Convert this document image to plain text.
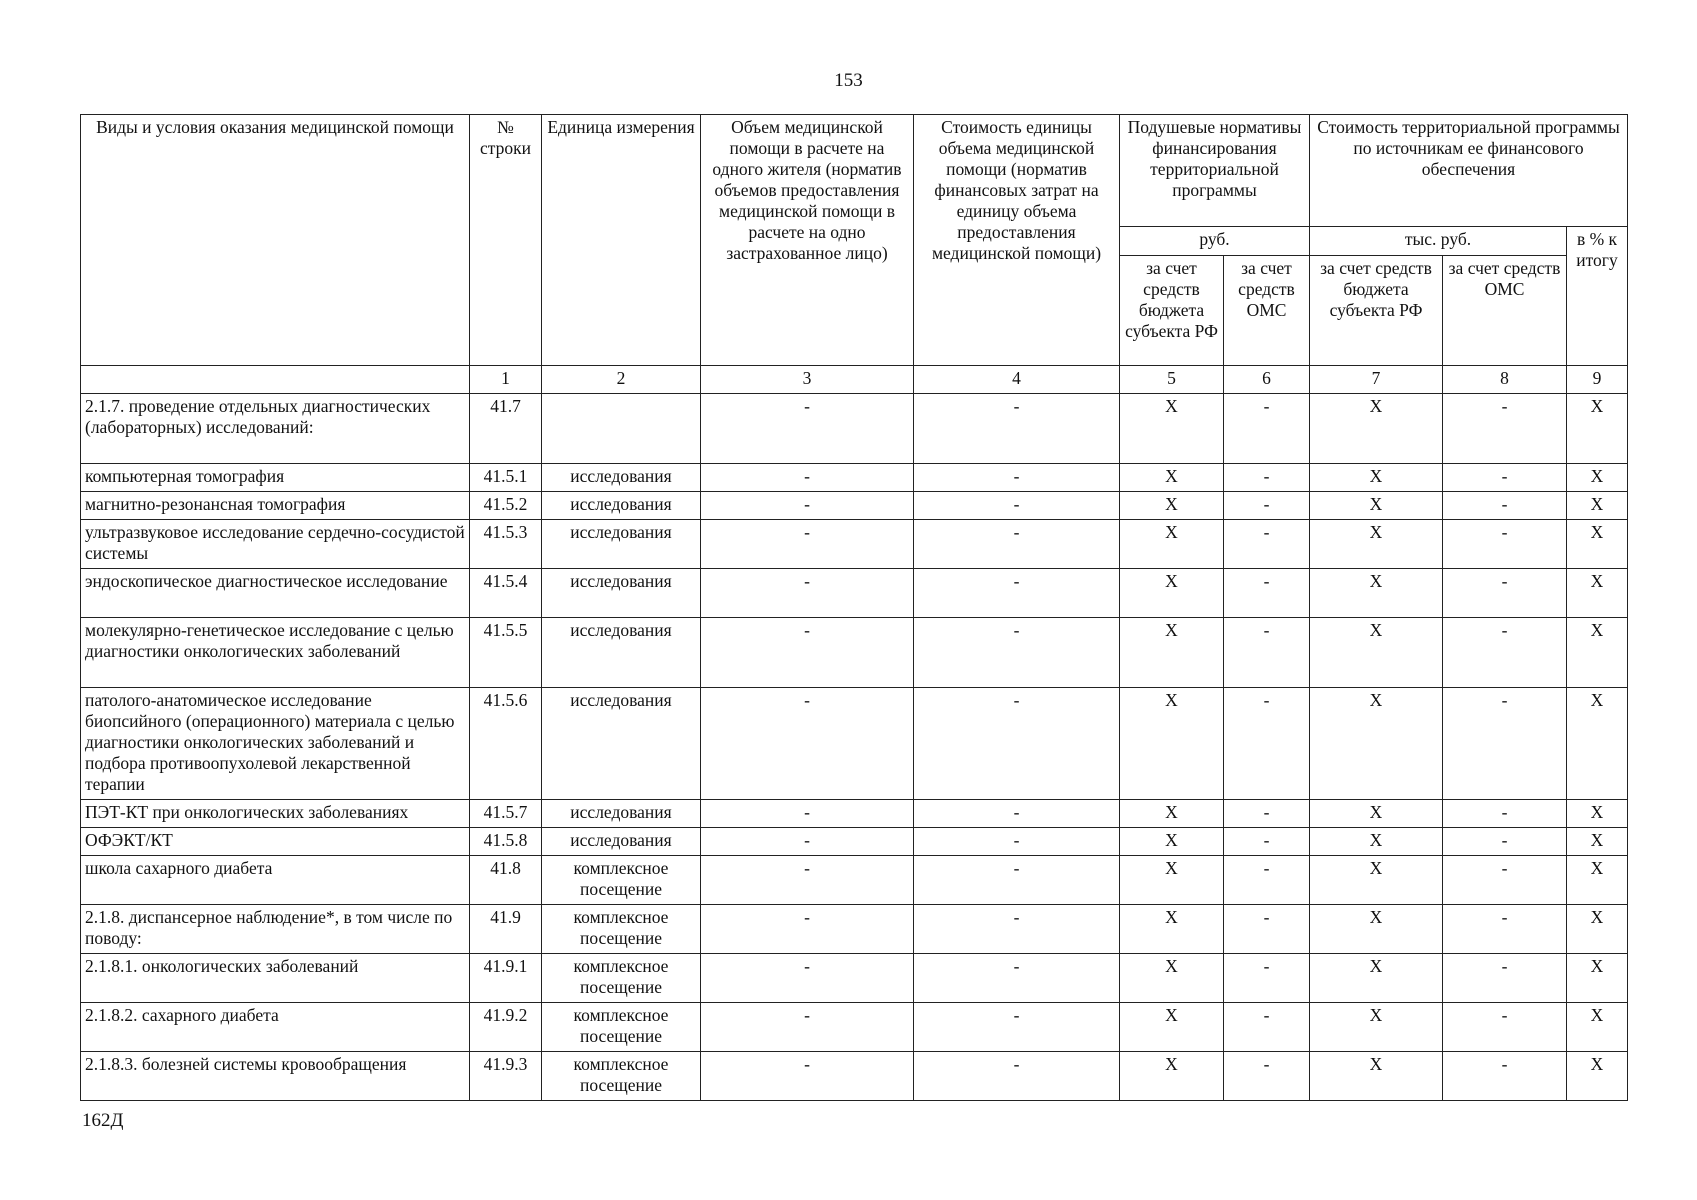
153
Виды и условия оказания медицинской помощи	№ строки	Единица измерения	Объем медицинской помощи в расчете на одного жителя (норматив объемов предоставления медицинской помощи в расчете на одно застрахованное лицо)	Стоимость единицы объема медицинской помощи (норматив финансовых затрат на единицу объема предоставления медицинской помощи)	Подушевые нормативы финансирования территориальной программы		Стоимость территориальной программы по источникам ее финансового обеспечения		
					руб.		тыс. руб.		в % к итогу
					за счет средств бюджета субъекта РФ	за счет средств ОМС	за счет средств бюджета субъекта РФ	за счет средств ОМС	
	1	2	3	4	5	6	7	8	9
2.1.7. проведение отдельных диагностических (лабораторных) исследований:	41.7		-	-	X	-	X	-	X
компьютерная томография	41.5.1	исследования	-	-	X	-	X	-	X
магнитно-резонансная томография	41.5.2	исследования	-	-	X	-	X	-	X
ультразвуковое исследование сердечно-сосудистой системы	41.5.3	исследования	-	-	X	-	X	-	X
эндоскопическое диагностическое исследование	41.5.4	исследования	-	-	X	-	X	-	X
молекулярно-генетическое исследование с целью диагностики онкологических заболеваний	41.5.5	исследования	-	-	X	-	X	-	X
патолого-анатомическое исследование биопсийного (операционного) материала с целью диагностики онкологических заболеваний и подбора противоопухолевой лекарственной терапии	41.5.6	исследования	-	-	X	-	X	-	X
ПЭТ-КТ при онкологических заболеваниях	41.5.7	исследования	-	-	X	-	X	-	X
ОФЭКТ/КТ	41.5.8	исследования	-	-	X	-	X	-	X
школа сахарного диабета	41.8	комплексное посещение	-	-	X	-	X	-	X
2.1.8. диспансерное наблюдение*, в том числе по поводу:	41.9	комплексное посещение	-	-	X	-	X	-	X
2.1.8.1. онкологических заболеваний	41.9.1	комплексное посещение	-	-	X	-	X	-	X
2.1.8.2. сахарного диабета	41.9.2	комплексное посещение	-	-	X	-	X	-	X
2.1.8.3. болезней системы кровообращения	41.9.3	комплексное посещение	-	-	X	-	X	-	X
162Д
